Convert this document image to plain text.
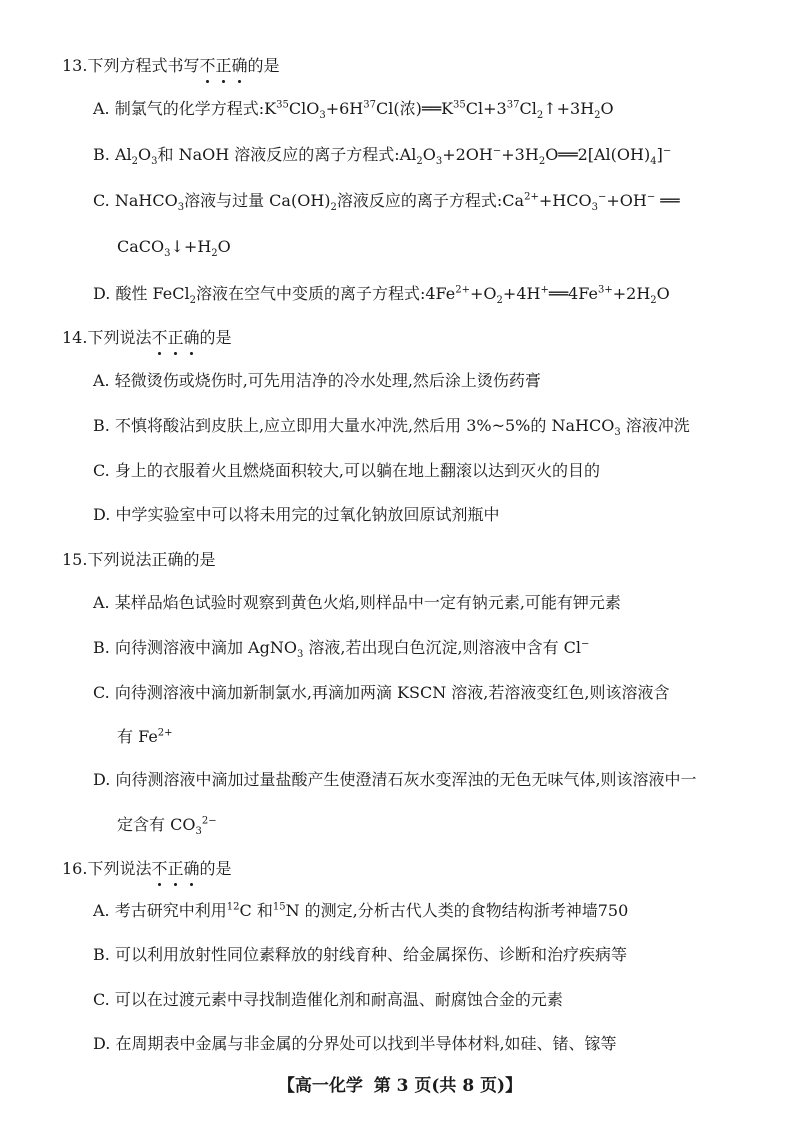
13.下列方程式书写不正确的是
A. 制氯气的化学方程式$:K^{35}ClO_3+6H^{37}Cl$(浓)$══K^{35}Cl+3^{37}Cl_2↑+3H_2O$
B. $Al_2O_3$和 NaOH 溶液反应的离子方程式$:Al_2O_3+2OH^-+3H_2O══2[Al(OH)_4]^-$
C. NaHCO$_3$溶液与过量 $Ca(OH)_2$溶液反应的离子方程式$:Ca^{2+}+HCO_3^-+OH^-$ ══
$CaCO_3↓+H_2O$
D. 酸性 FeCl$_2$溶液在空气中变质的离子方程式$:4Fe^{2+}+O_2+4H^+══4Fe^{3+}+2H_2O$
14.下列说法不正确的是
A. 轻微烫伤或烧伤时,可先用洁净的冷水处理,然后涂上烫伤药膏
B. 不慎将酸沾到皮肤上,应立即用大量水冲洗,然后用 3%~5%的 NaHCO$_3$ 溶液冲洗
C. 身上的衣服着火且燃烧面积较大,可以躺在地上翻滚以达到灭火的目的
D. 中学实验室中可以将未用完的过氧化钠放回原试剂瓶中
15.下列说法正确的是
A. 某样品焰色试验时观察到黄色火焰,则样品中一定有钠元素,可能有钾元素
B. 向待测溶液中滴加 AgNO$_3$ 溶液,若出现白色沉淀,则溶液中含有 Cl−
C. 向待测溶液中滴加新制氯水,再滴加两滴 KSCN 溶液,若溶液变红色,则该溶液含
有 $Fe^{2+}$
D. 向待测溶液中滴加过量盐酸产生使澄清石灰水变浑浊的无色无味气体,则该溶液中一
定含有 $CO_3^{2-}$
16.下列说法不正确的是
A. 考古研究中利用$^{12}$C 和$^{15}$N 的测定,分析古代人类的食物结构浙考神墙750
B. 可以利用放射性同位素释放的射线育种、给金属探伤、诊断和治疗疾病等
C. 可以在过渡元素中寻找制造催化剂和耐高温、耐腐蚀合金的元素
D. 在周期表中金属与非金属的分界处可以找到半导体材料,如硅、锗、镓等
【高一化学 第 3 页(共 8 页)】
